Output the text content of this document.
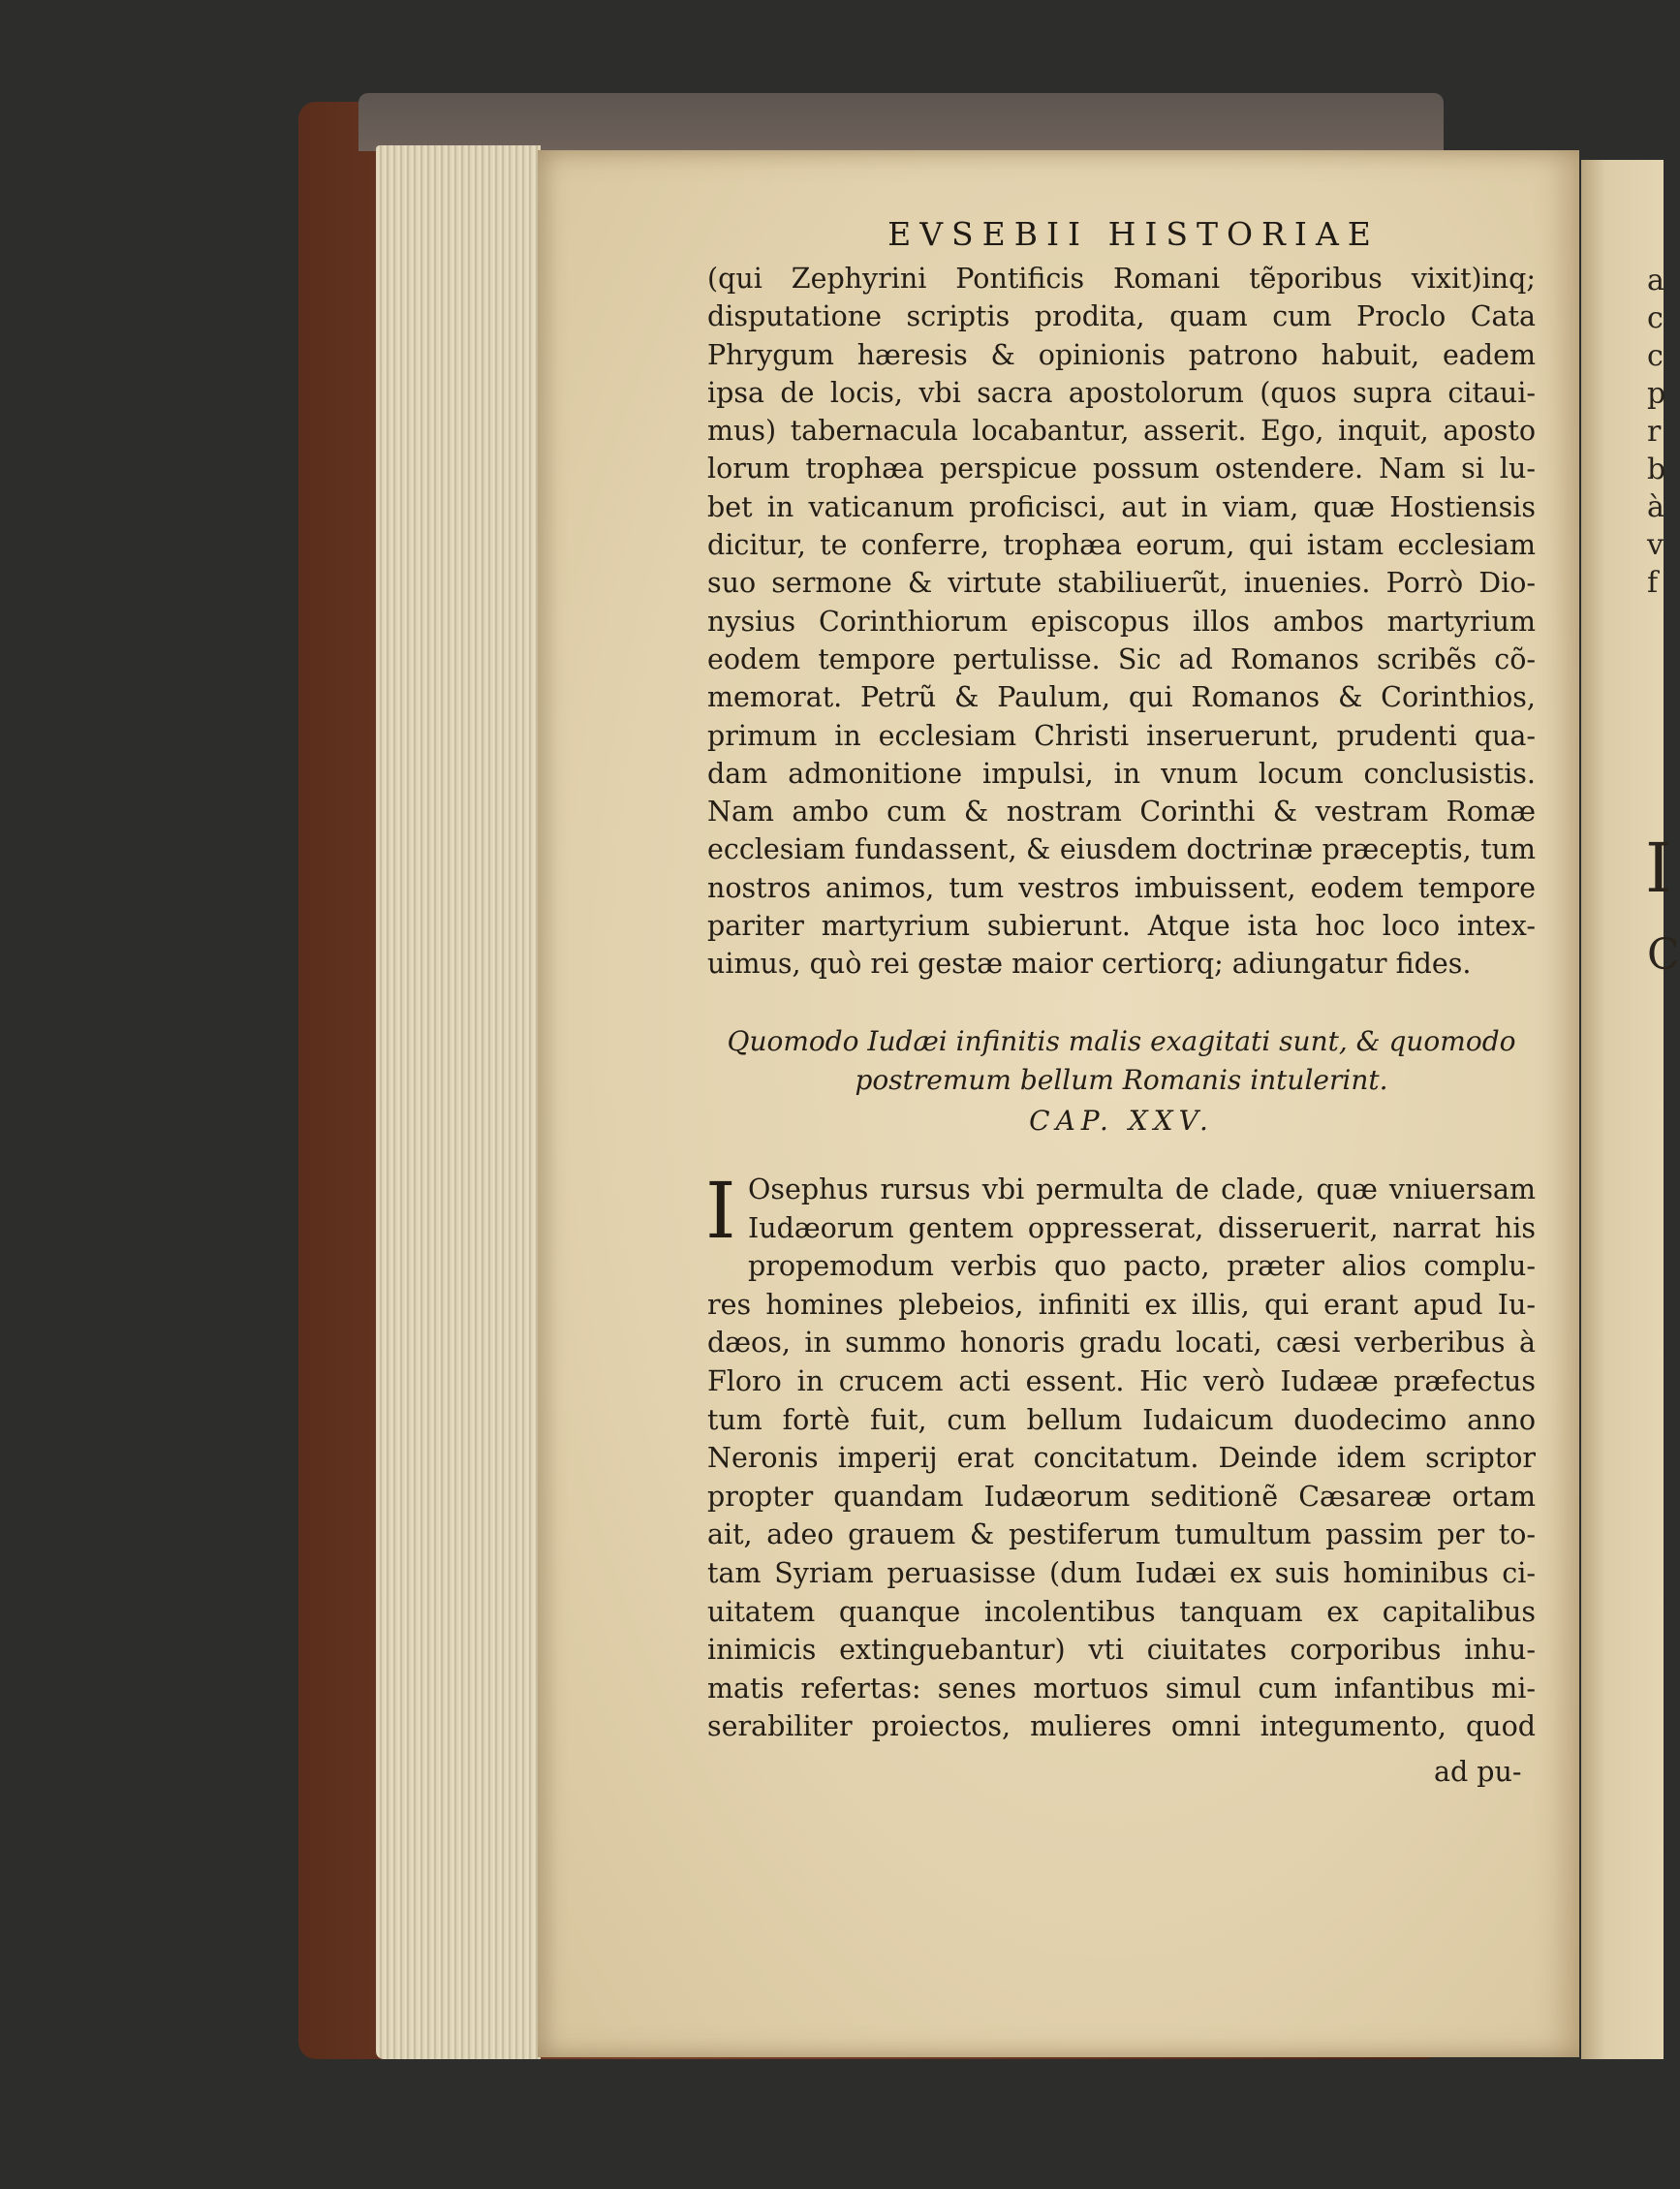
a
c
c
p
r
b
à
v
f
I
C
EVSEBII HISTORIAE
(qui Zephyrini Pontificis Romani tẽporibus vixit)inq;
disputatione scriptis prodita, quam cum Proclo Cata
Phrygum hæresis & opinionis patrono habuit, eadem
ipsa de locis, vbi sacra apostolorum (quos supra citaui-
mus) tabernacula locabantur, asserit. Ego, inquit, aposto
lorum trophæa perspicue possum ostendere. Nam si lu-
bet in vaticanum proficisci, aut in viam, quæ Hostiensis
dicitur, te conferre, trophæa eorum, qui istam ecclesiam
suo sermone & virtute stabiliuerũt, inuenies. Porrò Dio-
nysius Corinthiorum episcopus illos ambos martyrium
eodem tempore pertulisse. Sic ad Romanos scribẽs cõ-
memorat. Petrũ & Paulum, qui Romanos & Corinthios,
primum in ecclesiam Christi inseruerunt, prudenti qua-
dam admonitione impulsi, in vnum locum conclusistis.
Nam ambo cum & nostram Corinthi & vestram Romæ
ecclesiam fundassent, & eiusdem doctrinæ præceptis, tum
nostros animos, tum vestros imbuissent, eodem tempore
pariter martyrium subierunt. Atque ista hoc loco intex-
uimus, quò rei gestæ maior certiorq; adiungatur fides.
Quomodo Iudæi infinitis malis exagitati sunt, & quomodo
postremum bellum Romanis intulerint.
CAP. XXV.
I Osephus rursus vbi permulta de clade, quæ vniuersam
Iudæorum gentem oppresserat, disseruerit, narrat his
propemodum verbis quo pacto, præter alios complu-
res homines plebeios, infiniti ex illis, qui erant apud Iu-
dæos, in summo honoris gradu locati, cæsi verberibus à
Floro in crucem acti essent. Hic verò Iudææ præfectus
tum fortè fuit, cum bellum Iudaicum duodecimo anno
Neronis imperij erat concitatum. Deinde idem scriptor
propter quandam Iudæorum seditionẽ Cæsareæ ortam
ait, adeo grauem & pestiferum tumultum passim per to-
tam Syriam peruasisse (dum Iudæi ex suis hominibus ci-
uitatem quanque incolentibus tanquam ex capitalibus
inimicis extinguebantur) vti ciuitates corporibus inhu-
matis refertas: senes mortuos simul cum infantibus mi-
serabiliter proiectos, mulieres omni integumento, quod
ad pu-
